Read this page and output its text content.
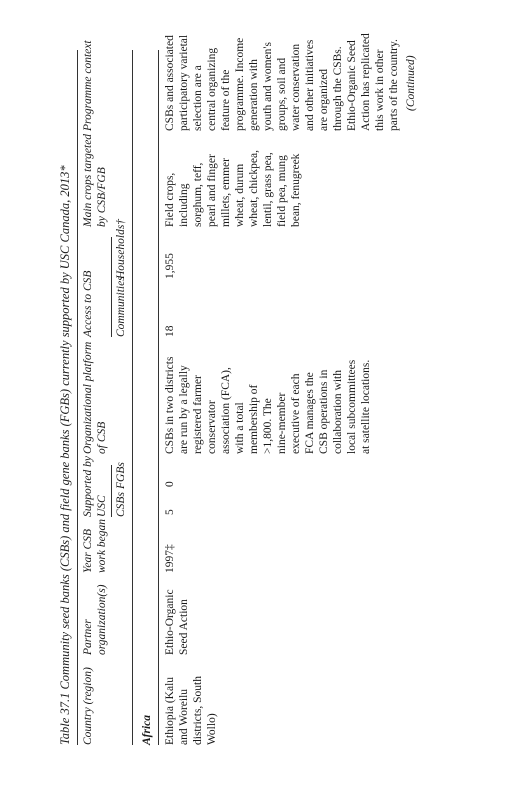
Table 37.1 Community seed banks (CSBs) and field gene banks (FGBs) currently supported by USC Canada, 2013* Country (region)
Partner
organization(s)
Year CSB
work began
Supported by
USC
Organizational platform
of CSB
Access to CSB
Main crops targeted
by CSB/FGB
Programme context
CSBs
FGBs
Communities
Households†
Africa Ethiopia (Kalu
and Woreilu
districts, South
Wollo)
Ethio-Organic
Seed Action
1997‡
5
0
CSBs in two districts
are run by a legally
registered farmer
conservator
association (FCA),
with a total
membership of
>1,800. The
nine-member
executive of each
FCA manages the
CSB operations in
collaboration with
local subcommittees
at satellite locations.
18
1,955
Field crops,
including
sorghum, teff,
pearl and finger
millets, emmer
wheat, durum
wheat, chickpea,
lentil, grass pea,
field pea, mung
bean, fenugreek
CSBs and associated
participatory varietal
selection are a
central organizing
feature of the
programme. Income
generation with
youth and women's
groups, soil and
water conservation
and other initiatives
are organized
through the CSBs.
Ethio-Organic Seed
Action has replicated
this work in other
parts of the country. (Continued)
